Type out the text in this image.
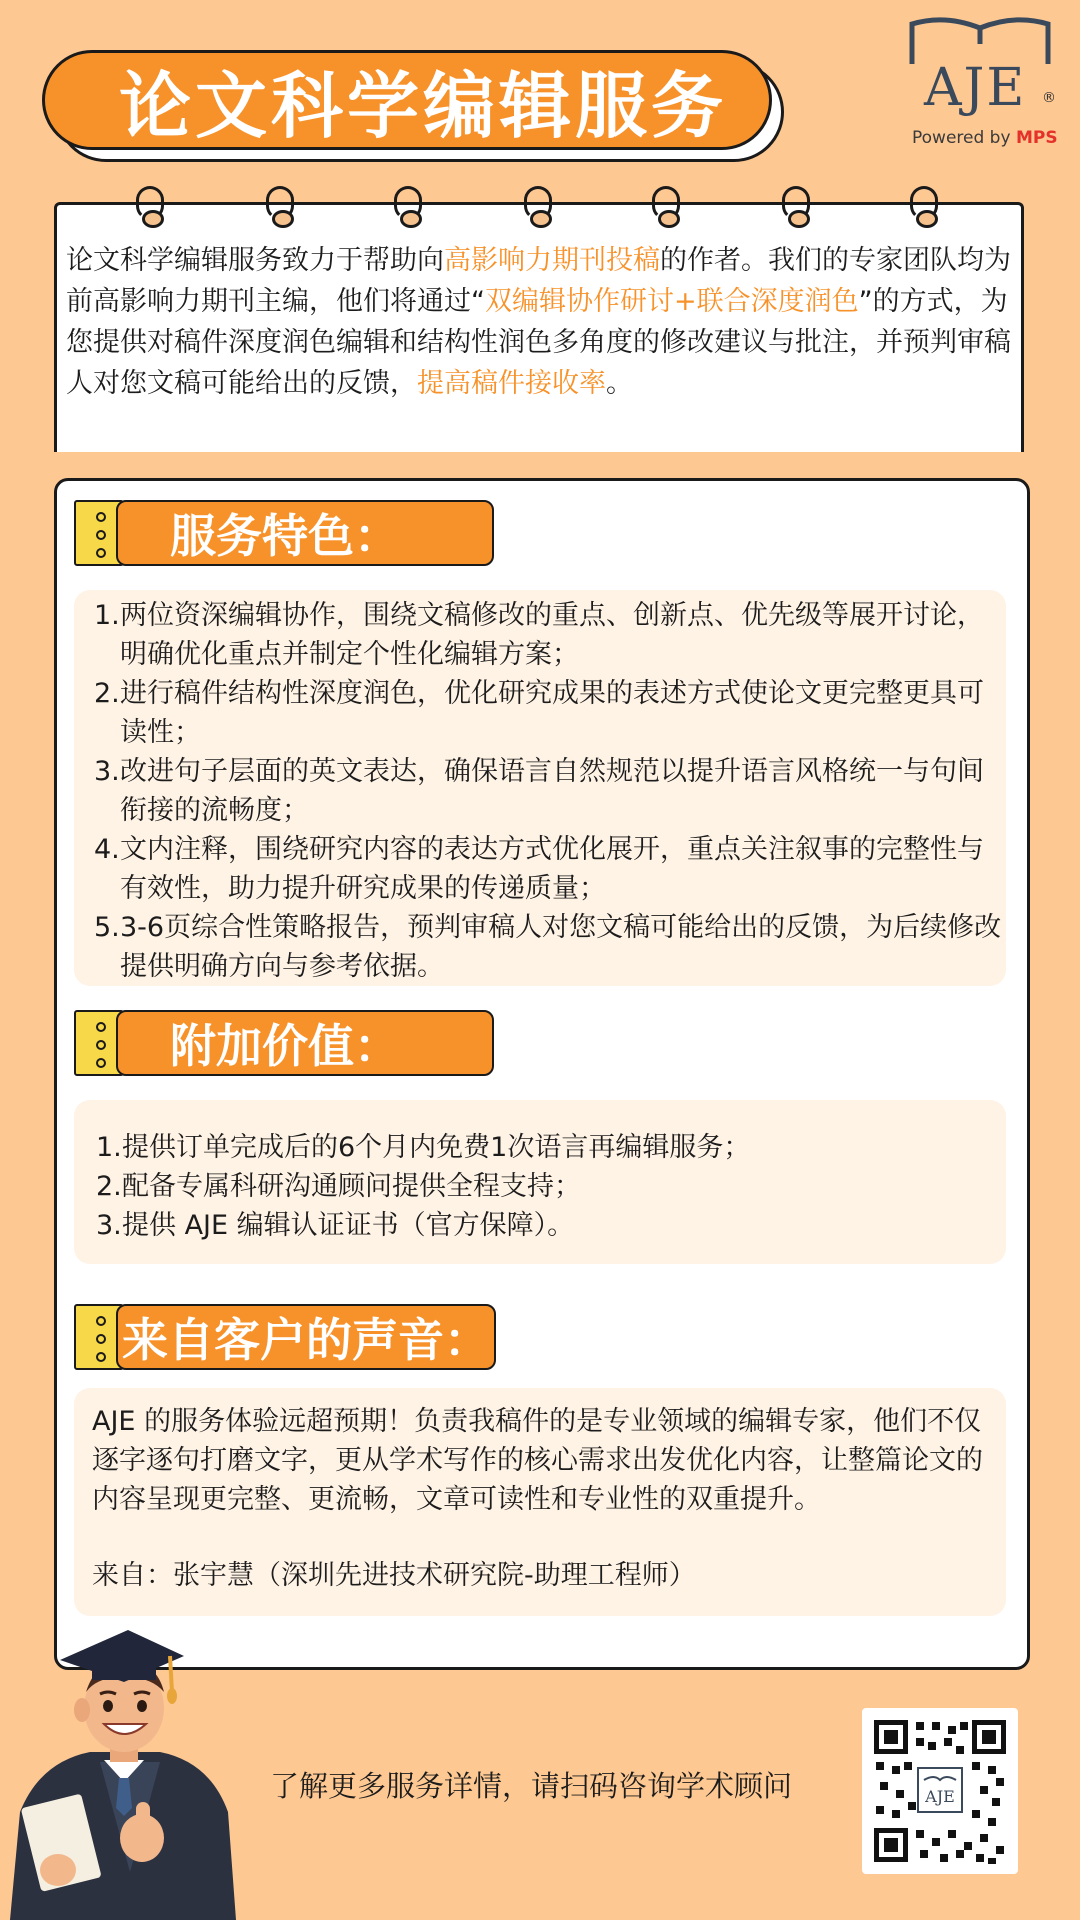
论文科学编辑服务	AJE ®
Powered by MPS
论文科学编辑服务致力于帮助向高影响力期刊投稿的作者。我们的专家团队均为前高影响力期刊主编，他们将通过“双编辑协作研讨+联合深度润色”的方式，为您提供对稿件深度润色编辑和结构性润色多角度的修改建议与批注，并预判审稿人对您文稿可能给出的反馈，提高稿件接收率。
服务特色：
1. 两位资深编辑协作，围绕文稿修改的重点、创新点、优先级等展开讨论，明确优化重点并制定个性化编辑方案；
2. 进行稿件结构性深度润色，优化研究成果的表述方式使论文更完整更具可读性；
3. 改进句子层面的英文表达，确保语言自然规范以提升语言风格统一与句间衔接的流畅度；
4. 文内注释，围绕研究内容的表达方式优化展开，重点关注叙事的完整性与有效性，助力提升研究成果的传递质量；
5. 3-6页综合性策略报告，预判审稿人对您文稿可能给出的反馈，为后续修改提供明确方向与参考依据。
附加价值：
1. 提供订单完成后的6个月内免费1次语言再编辑服务；
2. 配备专属科研沟通顾问提供全程支持；
3. 提供 AJE 编辑认证证书（官方保障）。
来自客户的声音：
AJE 的服务体验远超预期！负责我稿件的是专业领域的编辑专家，他们不仅逐字逐句打磨文字，更从学术写作的核心需求出发优化内容，让整篇论文的内容呈现更完整、更流畅，文章可读性和专业性的双重提升。
来自：张宇慧（深圳先进技术研究院-助理工程师）
了解更多服务详情，请扫码咨询学术顾问	AJE
